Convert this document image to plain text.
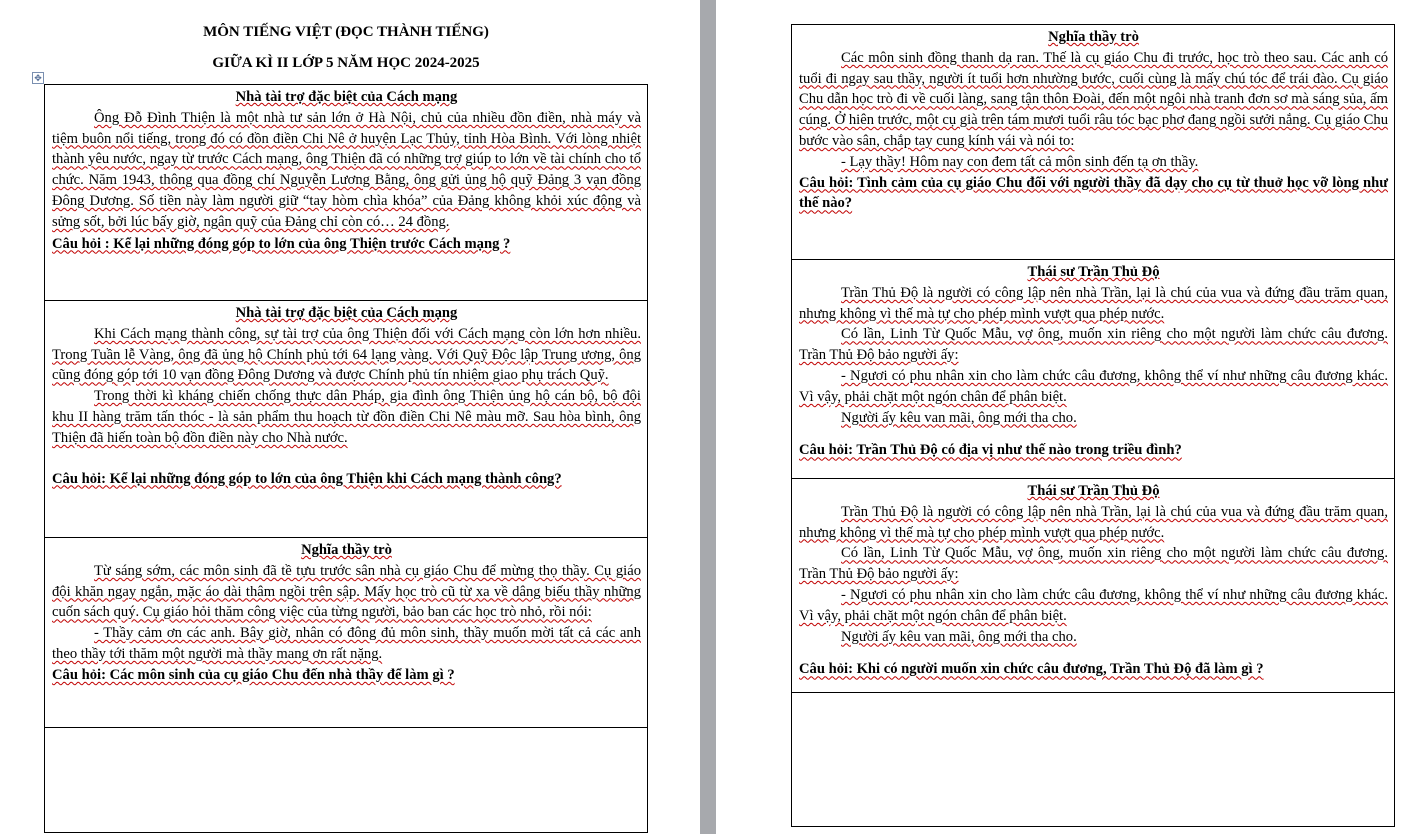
MÔN TIẾNG VIỆT (ĐỌC THÀNH TIẾNG)
GIỮA KÌ II LỚP 5 NĂM HỌC 2024-2025
✥
Nhà tài trợ đặc biệt của Cách mạng

Ông Đỗ Đình Thiện là một nhà tư sản lớn ở Hà Nội, chủ của nhiều đồn điền, nhà máy và tiệm buôn nổi tiếng, trong đó có đồn điền Chi Nê ở huyện Lạc Thủy, tỉnh Hòa Bình. Với lòng nhiệt thành yêu nước, ngay từ trước Cách mạng, ông Thiện đã có những trợ giúp to lớn về tài chính cho tổ chức. Năm 1943, thông qua đồng chí Nguyễn Lương Bằng, ông gửi ủng hộ quỹ Đảng 3 vạn đồng Đông Dương. Số tiền này làm người giữ “tay hòm chìa khóa” của Đảng không khỏi xúc động và sửng sốt, bởi lúc bấy giờ, ngân quỹ của Đảng chỉ còn có… 24 đồng.

Câu hỏi : Kể lại những đóng góp to lớn của ông Thiện trước Cách mạng ?

Nhà tài trợ đặc biệt của Cách mạng

Khi Cách mạng thành công, sự tài trợ của ông Thiện đối với Cách mạng còn lớn hơn nhiều. Trong Tuần lễ Vàng, ông đã ủng hộ Chính phủ tới 64 lạng vàng. Với Quỹ Độc lập Trung ương, ông cũng đóng góp tới 10 vạn đồng Đông Dương và được Chính phủ tín nhiệm giao phụ trách Quỹ.

Trong thời kì kháng chiến chống thực dân Pháp, gia đình ông Thiện ủng hộ cán bộ, bộ đội khu II hàng trăm tấn thóc - là sản phẩm thu hoạch từ đồn điền Chi Nê màu mỡ. Sau hòa bình, ông Thiện đã hiến toàn bộ đồn điền này cho Nhà nước.

Câu hỏi: Kể lại những đóng góp to lớn của ông Thiện khi Cách mạng thành công?

Nghĩa thầy trò

Từ sáng sớm, các môn sinh đã tề tựu trước sân nhà cụ giáo Chu để mừng thọ thầy. Cụ giáo đội khăn ngay ngắn, mặc áo dài thâm ngồi trên sập. Mấy học trò cũ từ xa về dâng biếu thầy những cuốn sách quý. Cụ giáo hỏi thăm công việc của từng người, bảo ban các học trò nhỏ, rồi nói:

- Thầy cảm ơn các anh. Bây giờ, nhân có đông đủ môn sinh, thầy muốn mời tất cả các anh theo thầy tới thăm một người mà thầy mang ơn rất nặng.

Câu hỏi: Các môn sinh của cụ giáo Chu đến nhà thầy để làm gì ?

Nghĩa thầy trò

Các môn sinh đồng thanh dạ ran. Thế là cụ giáo Chu đi trước, học trò theo sau. Các anh có tuổi đi ngay sau thầy, người ít tuổi hơn nhường bước, cuối cùng là mấy chú tóc để trái đào. Cụ giáo Chu dẫn học trò đi về cuối làng, sang tận thôn Đoài, đến một ngôi nhà tranh đơn sơ mà sáng sủa, ấm cúng. Ở hiên trước, một cụ già trên tám mươi tuổi râu tóc bạc phơ đang ngồi sưởi nắng. Cụ giáo Chu bước vào sân, chắp tay cung kính vái và nói to:

- Lạy thầy! Hôm nay con đem tất cả môn sinh đến tạ ơn thầy.

Câu hỏi: Tình cảm của cụ giáo Chu đối với người thầy đã dạy cho cụ từ thuở học vỡ lòng như thế nào?

Thái sư Trần Thủ Độ

Trần Thủ Độ là người có công lập nên nhà Trần, lại là chú của vua và đứng đầu trăm quan, nhưng không vì thế mà tự cho phép mình vượt qua phép nước.

Có lần, Linh Từ Quốc Mẫu, vợ ông, muốn xin riêng cho một người làm chức câu đương. Trần Thủ Độ bảo người ấy:

- Ngươi có phu nhân xin cho làm chức câu đương, không thể ví như những câu đương khác. Vì vậy, phải chặt một ngón chân để phân biệt.

Người ấy kêu van mãi, ông mới tha cho.

Câu hỏi: Trần Thủ Độ có địa vị như thế nào trong triều đình?

Thái sư Trần Thủ Độ

Trần Thủ Độ là người có công lập nên nhà Trần, lại là chú của vua và đứng đầu trăm quan, nhưng không vì thế mà tự cho phép mình vượt qua phép nước.

Có lần, Linh Từ Quốc Mẫu, vợ ông, muốn xin riêng cho một người làm chức câu đương. Trần Thủ Độ bảo người ấy:

- Ngươi có phu nhân xin cho làm chức câu đương, không thể ví như những câu đương khác. Vì vậy, phải chặt một ngón chân để phân biệt.

Người ấy kêu van mãi, ông mới tha cho.

Câu hỏi: Khi có người muốn xin chức câu đương, Trần Thủ Độ đã làm gì ?
